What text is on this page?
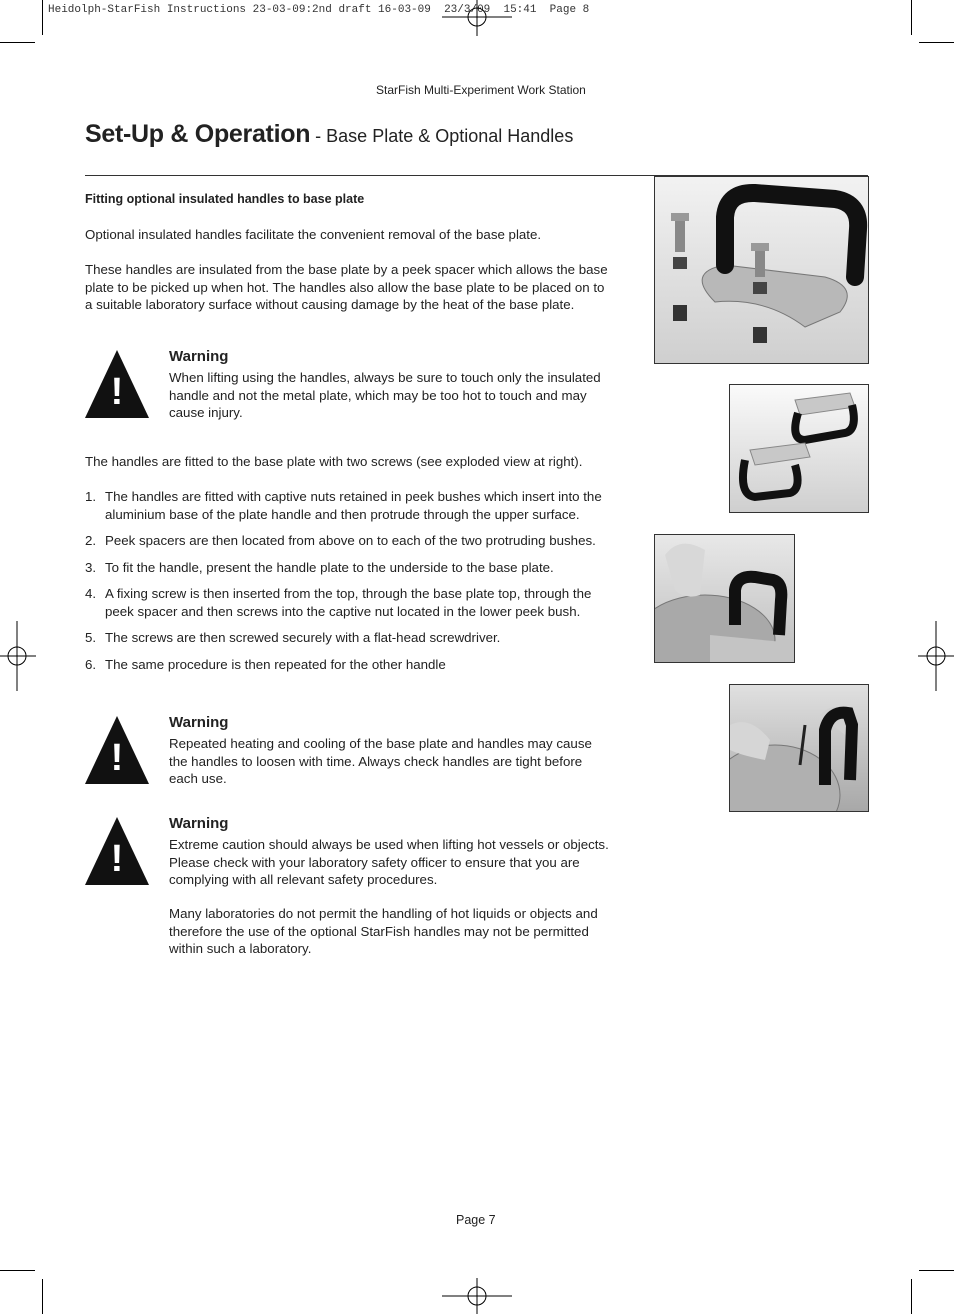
Heidolph-StarFish Instructions 23-03-09:2nd draft 16-03-09  23/3/09  15:41  Page 8
StarFish Multi-Experiment Work Station
Set-Up & Operation - Base Plate & Optional Handles
Fitting optional insulated handles to base plate
Optional insulated handles facilitate the convenient removal of the base plate.
These handles are insulated from the base plate by a peek spacer which allows the base plate to be picked up when hot. The handles also allow the base plate to be placed on to a suitable laboratory surface without causing damage by the heat of the base plate.
!
Warning
When lifting using the handles, always be sure to touch only the insulated handle and not the metal plate, which may be too hot to touch and may cause injury.
The handles are fitted to the base plate with two screws (see exploded view at right).
1. The handles are fitted with captive nuts retained in peek bushes which insert into the aluminium base of the plate handle and then protrude through the upper surface.
2. Peek spacers are then located from above on to each of the two protruding bushes.
3. To fit the handle, present the handle plate to the underside to the base plate.
4. A fixing screw is then inserted from the top, through the base plate top, through the peek spacer and then screws into the captive nut located in the lower peek bush.
5. The screws are then screwed securely with a flat-head screwdriver.
6. The same procedure is then repeated for the other handle
!
Warning
Repeated heating and cooling of the base plate and handles may cause the handles to loosen with time. Always check handles are tight before each use.
!
Warning
Extreme caution should always be used when lifting hot vessels or objects. Please check with your laboratory safety officer to ensure that you are complying with all relevant safety procedures.
Many laboratories do not permit the handling of hot liquids or objects and therefore the use of the optional StarFish handles may not be permitted within such a laboratory.
Page 7
